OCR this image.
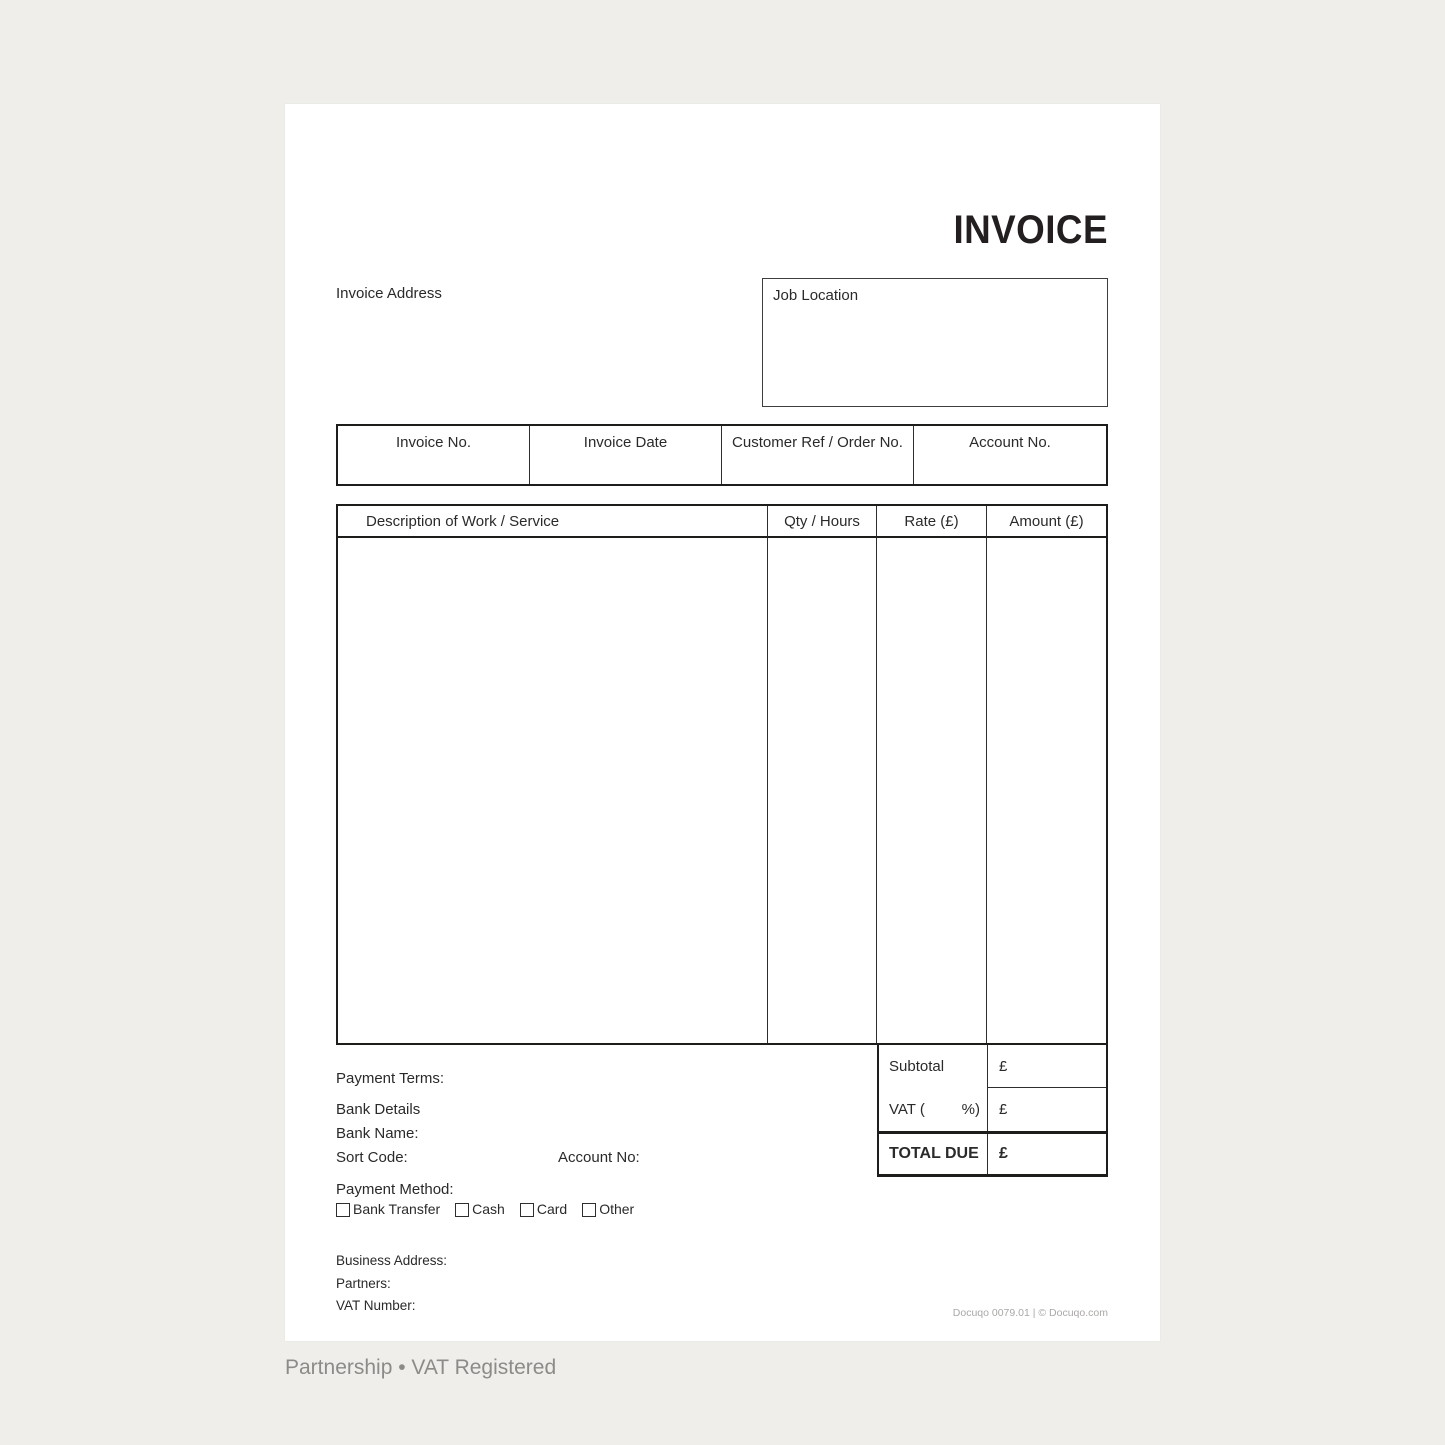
INVOICE
Invoice Address	Job Location
Invoice No.	Invoice Date	Customer Ref / Order No.	Account No.
Description of Work / Service	Qty / Hours	Rate (£)	Amount (£)
Subtotal	£
VAT ( %) £
TOTAL DUE	£
Payment Terms:
Bank Details
Bank Name:
Sort Code:	Account No:
Payment Method:
Bank Transfer Cash Card Other
Business Address:
Partners:
VAT Number:	Docuqo 0079.01 | © Docuqo.com
Partnership • VAT Registered
